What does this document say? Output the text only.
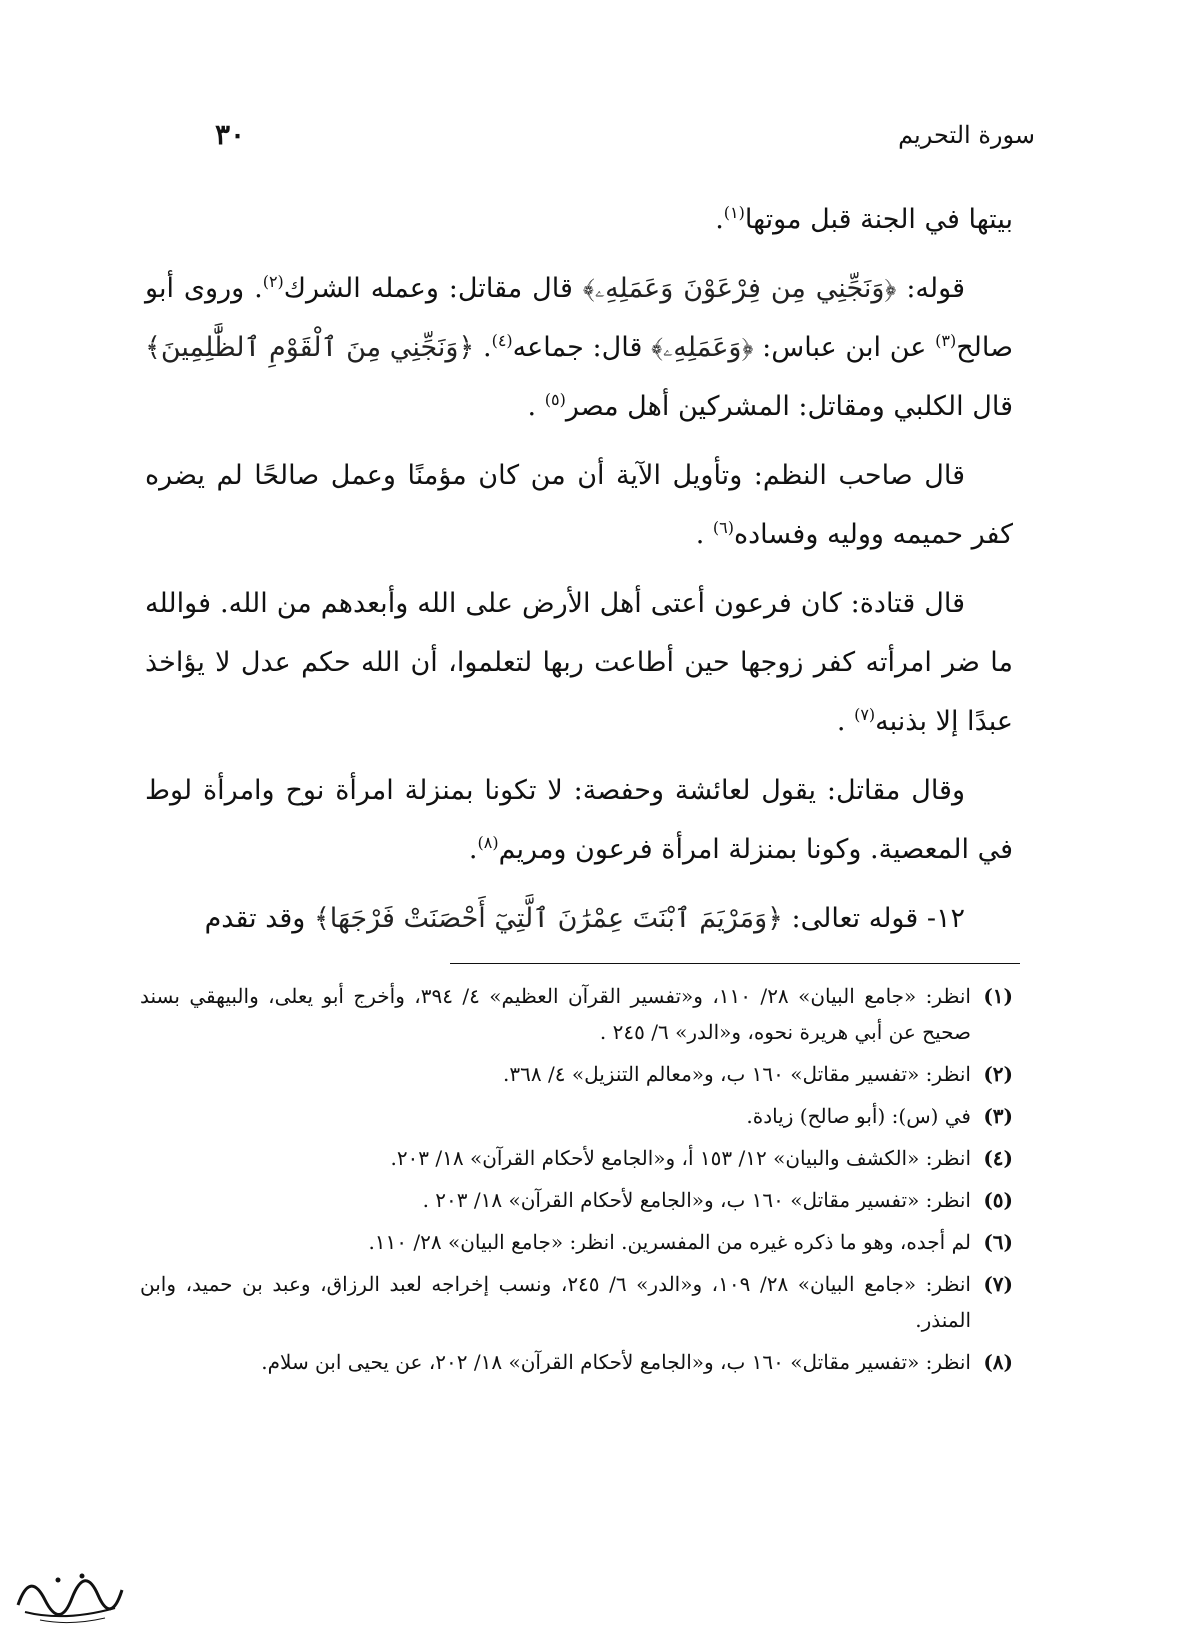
سورة التحريم
٣٠

بيتها في الجنة قبل موتها$^{(١)}$.

قوله: ﴿وَنَجِّنِي مِن فِرْعَوْنَ وَعَمَلِهِۦ﴾ قال مقاتل: وعمله الشرك$^{(٢)}$. وروى أبو صالح$^{(٣)}$ عن ابن عباس: ﴿وَعَمَلِهِۦ﴾ قال: جماعه$^{(٤)}$. ﴿وَنَجِّنِي مِنَ ٱلْقَوْمِ ٱلظَّٰلِمِينَ﴾ قال الكلبي ومقاتل: المشركين أهل مصر$^{(٥)}$ .

قال صاحب النظم: وتأويل الآية أن من كان مؤمنًا وعمل صالحًا لم يضره كفر حميمه ووليه وفساده$^{(٦)}$ .

قال قتادة: كان فرعون أعتى أهل الأرض على الله وأبعدهم من الله. فوالله ما ضر امرأته كفر زوجها حين أطاعت ربها لتعلموا، أن الله حكم عدل لا يؤاخذ عبدًا إلا بذنبه$^{(٧)}$ .

وقال مقاتل: يقول لعائشة وحفصة: لا تكونا بمنزلة امرأة نوح وامرأة لوط في المعصية. وكونا بمنزلة امرأة فرعون ومريم$^{(٨)}$.

١٢- قوله تعالى: ﴿وَمَرْيَمَ ٱبْنَتَ عِمْرَٰنَ ٱلَّتِيٓ أَحْصَنَتْ فَرْجَهَا﴾ وقد تقدم

(١)
انظر: «جامع البيان» ٢٨/ ١١٠، و«تفسير القرآن العظيم» ٤/ ٣٩٤، وأخرج أبو يعلى، والبيهقي بسند صحيح عن أبي هريرة نحوه، و«الدر» ٦/ ٢٤٥ .
(٢)
انظر: «تفسير مقاتل» ١٦٠ ب، و«معالم التنزيل» ٤/ ٣٦٨.
(٣)
في (س): (أبو صالح) زيادة.
(٤)
انظر: «الكشف والبيان» ١٢/ ١٥٣ أ، و«الجامع لأحكام القرآن» ١٨/ ٢٠٣.
(٥)
انظر: «تفسير مقاتل» ١٦٠ ب، و«الجامع لأحكام القرآن» ١٨/ ٢٠٣ .
(٦)
لم أجده، وهو ما ذكره غيره من المفسرين. انظر: «جامع البيان» ٢٨/ ١١٠.
(٧)
انظر: «جامع البيان» ٢٨/ ١٠٩، و«الدر» ٦/ ٢٤٥، ونسب إخراجه لعبد الرزاق، وعبد بن حميد، وابن المنذر.
(٨)
انظر: «تفسير مقاتل» ١٦٠ ب، و«الجامع لأحكام القرآن» ١٨/ ٢٠٢، عن يحيى ابن سلام.
